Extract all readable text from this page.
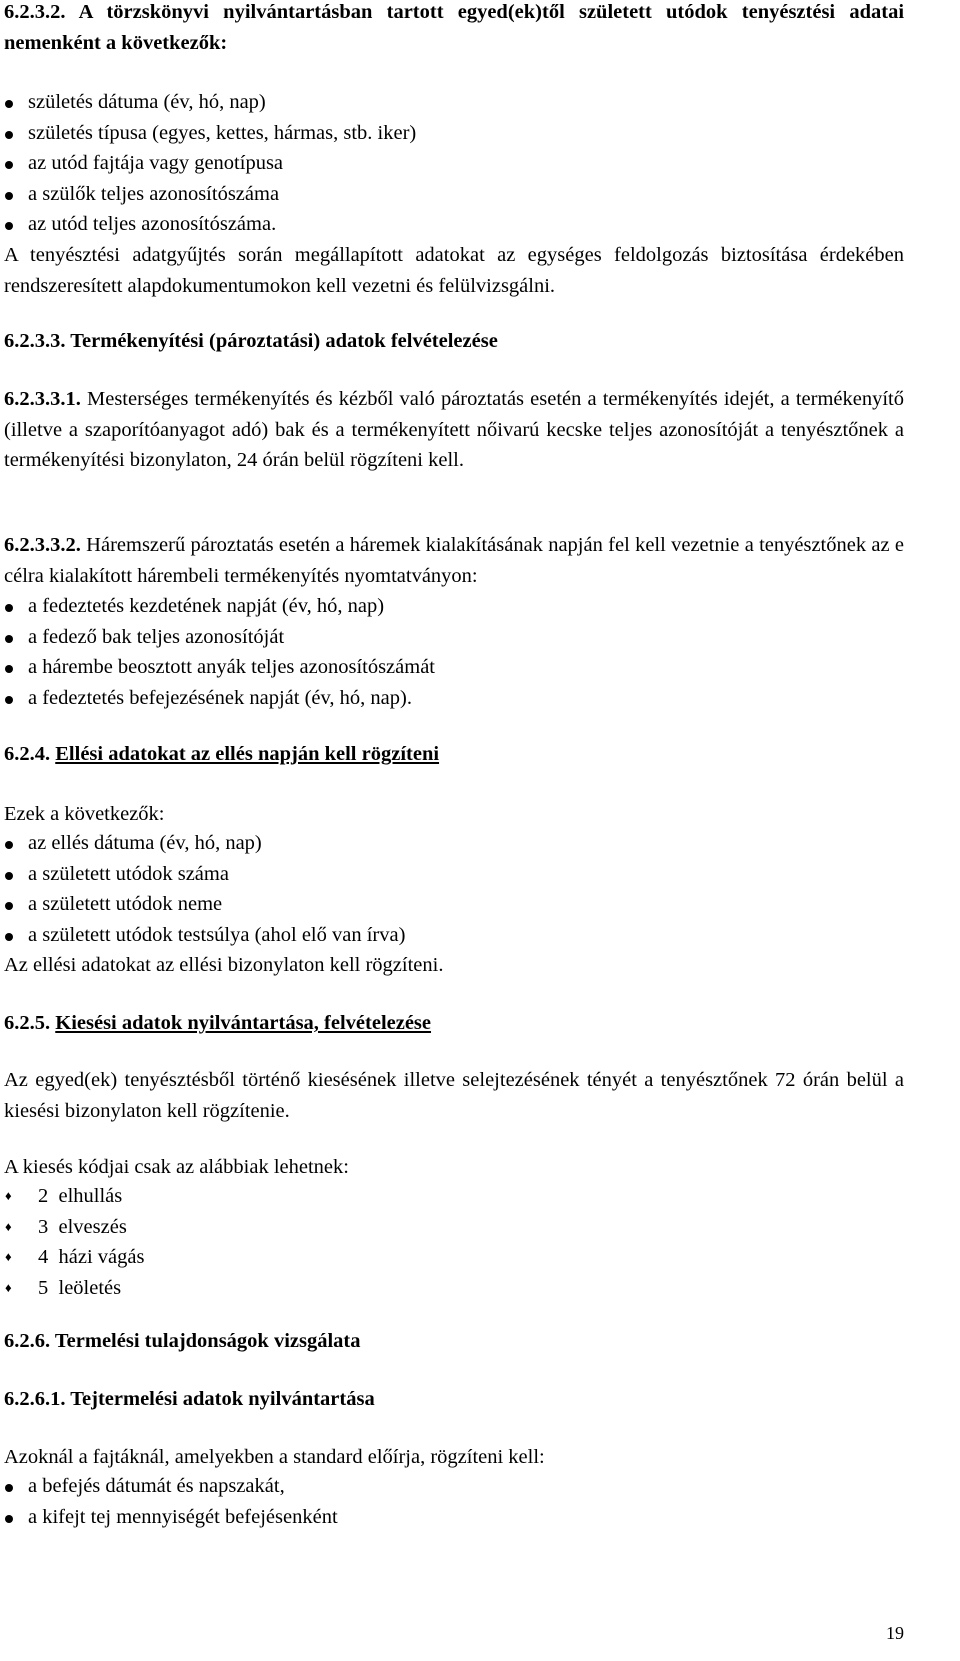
6.2.3.2. A törzskönyvi nyilvántartásban tartott egyed(ek)től született utódok tenyésztési adatai nemenként a következők:

születés dátuma (év, hó, nap)
születés típusa (egyes, kettes, hármas, stb. iker)
az utód fajtája vagy genotípusa
a szülők teljes azonosítószáma
az utód teljes azonosítószáma.

A tenyésztési adatgyűjtés során megállapított adatokat az egységes feldolgozás biztosítása érdekében rendszeresített alapdokumentumokon kell vezetni és felülvizsgálni.

6.2.3.3. Termékenyítési (pároztatási) adatok felvételezése

6.2.3.3.1. Mesterséges termékenyítés és kézből való pároztatás esetén a termékenyítés idejét, a termékenyítő (illetve a szaporítóanyagot adó) bak és a termékenyített nőivarú kecske teljes azonosítóját a tenyésztőnek a termékenyítési bizonylaton, 24 órán belül rögzíteni kell.

6.2.3.3.2. Háremszerű pároztatás esetén a háremek kialakításának napján fel kell vezetnie a tenyésztőnek az e célra kialakított hárembeli termékenyítés nyomtatványon:

a fedeztetés kezdetének napját (év, hó, nap)
a fedező bak teljes azonosítóját
a hárembe beosztott anyák teljes azonosítószámát
a fedeztetés befejezésének napját (év, hó, nap).

6.2.4. Ellési adatokat az ellés napján kell rögzíteni

Ezek a következők:

az ellés dátuma (év, hó, nap)
a született utódok száma
a született utódok neme
a született utódok testsúlya (ahol elő van írva)

Az ellési adatokat az ellési bizonylaton kell rögzíteni.

6.2.5. Kiesési adatok nyilvántartása, felvételezése

Az egyed(ek) tenyésztésből történő kiesésének illetve selejtezésének tényét a tenyésztőnek 72 órán belül a kiesési bizonylaton kell rögzítenie.

A kiesés kódjai csak az alábbiak lehetnek:

♦ 2  elhullás
♦ 3  elveszés
♦ 4  házi vágás
♦ 5  leöletés

6.2.6. Termelési tulajdonságok vizsgálata

6.2.6.1. Tejtermelési adatok nyilvántartása

Azoknál a fajtáknál, amelyekben a standard előírja, rögzíteni kell:

a befejés dátumát és napszakát,
a kifejt tej mennyiségét befejésenként
19
